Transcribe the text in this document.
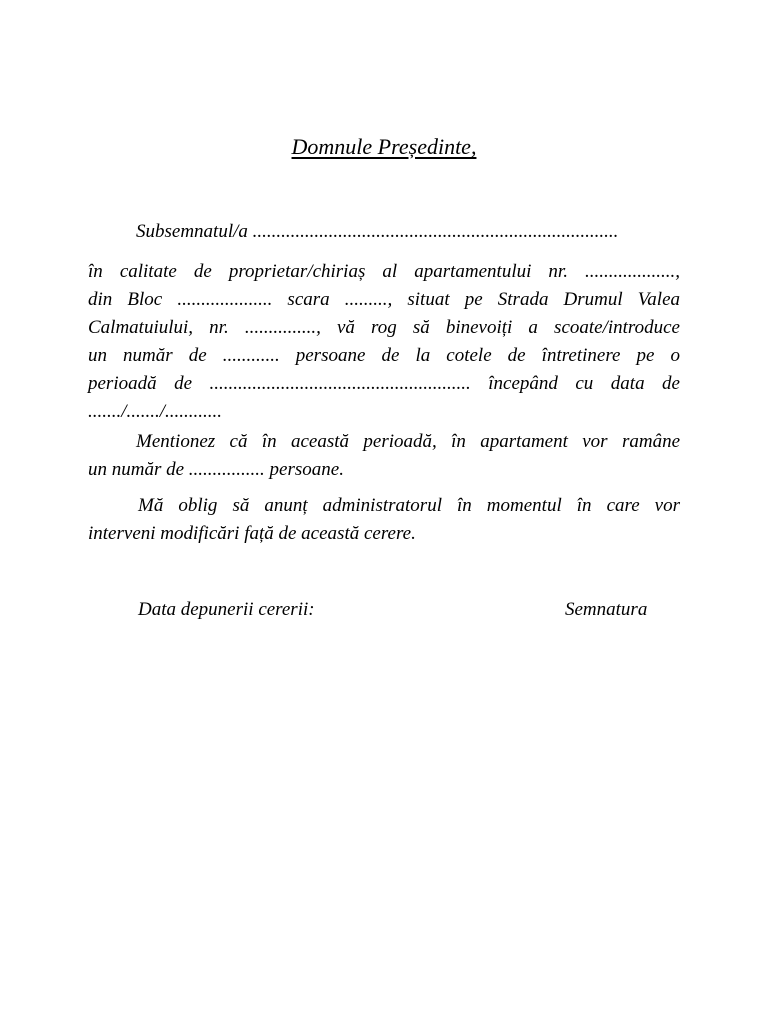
Domnule Președinte,
Subsemnatul/a .............................................................................
în calitate de proprietar/chiriaș al apartamentului nr. ...................,
din Bloc .................... scara ........., situat pe Strada Drumul Valea
Calmatuiului, nr. ..............., vă rog să binevoiți a scoate/introduce
un număr de ............ persoane de la cotele de întretinere pe o
perioadă de ....................................................... începând cu data de
......./......./............
Mentionez că în această perioadă, în apartament vor ramâne
un număr de ................ persoane.
Mă oblig să anunț administratorul în momentul în care vor
interveni modificări față de această cerere.
Data depunerii cererii:	Semnatura
